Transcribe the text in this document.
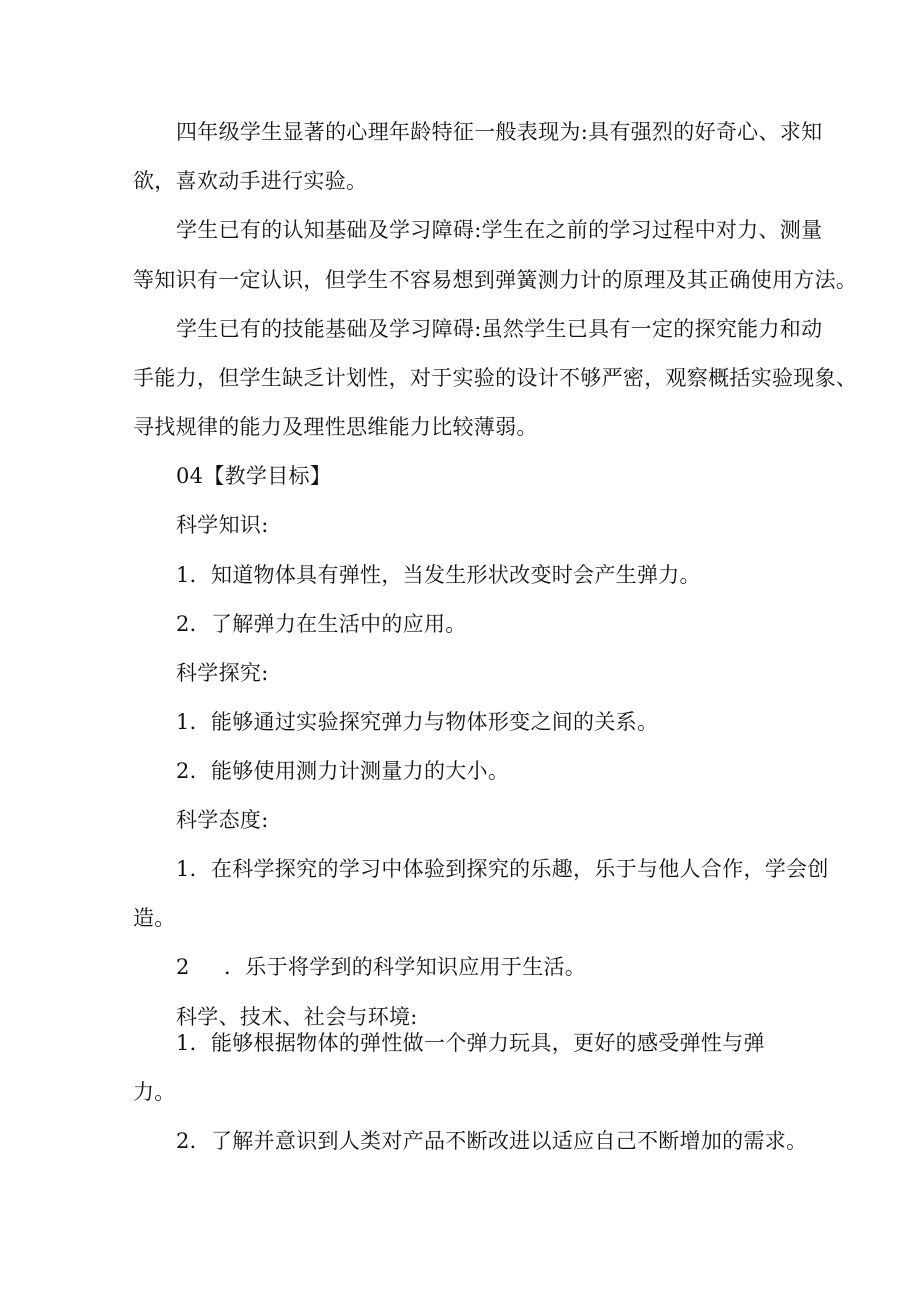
四年级学生显著的心理年龄特征一般表现为:具有强烈的好奇心、求知
欲，喜欢动手进行实验。
学生已有的认知基础及学习障碍:学生在之前的学习过程中对力、测量
等知识有一定认识，但学生不容易想到弹簧测力计的原理及其正确使用方法。
学生已有的技能基础及学习障碍:虽然学生已具有一定的探究能力和动
手能力，但学生缺乏计划性，对于实验的设计不够严密，观察概括实验现象、
寻找规律的能力及理性思维能力比较薄弱。
04【教学目标】
科学知识:
1．知道物体具有弹性，当发生形状改变时会产生弹力。
2．了解弹力在生活中的应用。
科学探究:
1．能够通过实验探究弹力与物体形变之间的关系。
2．能够使用测力计测量力的大小。
科学态度:
1．在科学探究的学习中体验到探究的乐趣，乐于与他人合作，学会创
造。
2 ．乐于将学到的科学知识应用于生活。
科学、技术、社会与环境:
1．能够根据物体的弹性做一个弹力玩具，更好的感受弹性与弹
力。
2．了解并意识到人类对产品不断改进以适应自己不断增加的需求。
